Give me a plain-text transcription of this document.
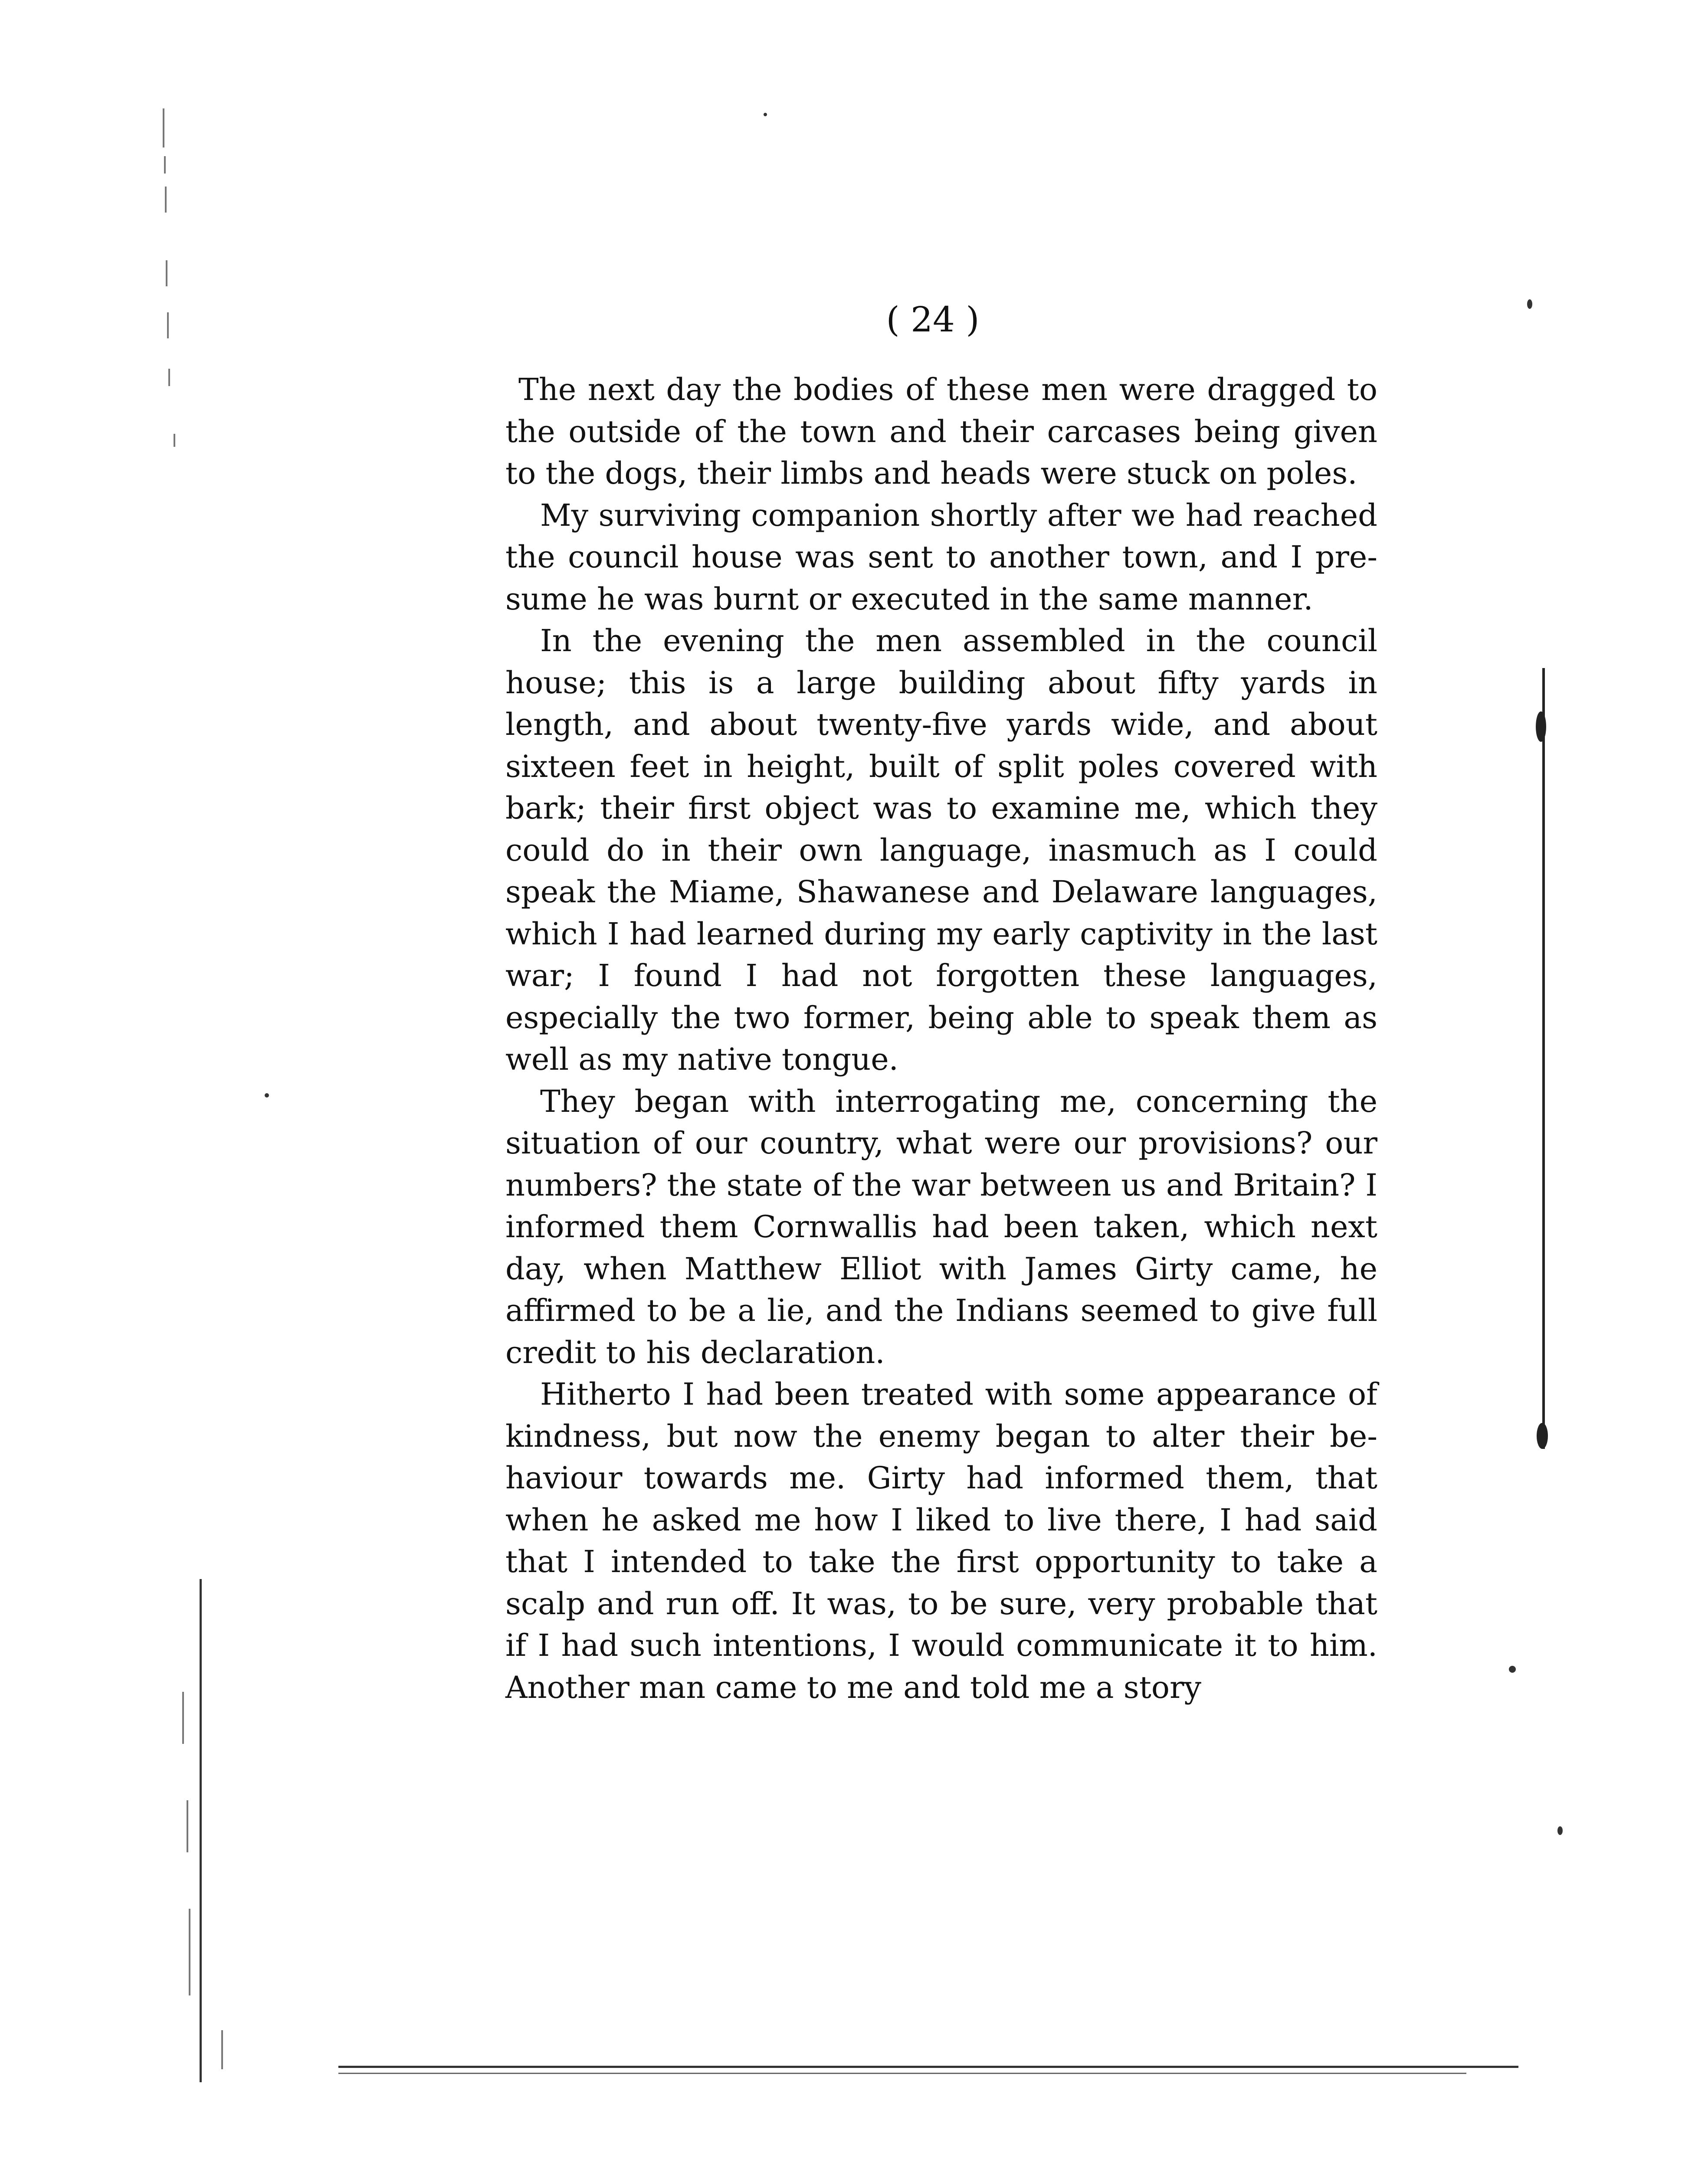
( 24 )

The next day the bodies of these men were dragged to the outside of the town and their carcases being given to the dogs, their limbs and heads were stuck on poles.

My surviving companion shortly after we had reached the council house was sent to another town, and I presume he was burnt or executed in the same manner.

In the evening the men assembled in the council house; this is a large building about fifty yards in length, and about twenty-five yards wide, and about sixteen feet in height, built of split poles covered with bark; their first object was to examine me, which they could do in their own language, inasmuch as I could speak the Miame, Shawanese and Delaware languages, which I had learned during my early captivity in the last war; I found I had not forgotten these languages, especially the two former, being able to speak them as well as my native tongue.

They began with interrogating me, concerning the situation of our country, what were our provisions? our numbers? the state of the war between us and Britain? I informed them Cornwallis had been taken, which next day, when Matthew Elliot with James Girty came, he affirmed to be a lie, and the Indians seemed to give full credit to his declaration.

Hitherto I had been treated with some appearance of kindness, but now the enemy began to alter their behaviour towards me. Girty had informed them, that when he asked me how I liked to live there, I had said that I intended to take the first opportunity to take a scalp and run off. It was, to be sure, very probable that if I had such intentions, I would communicate it to him. Another man came to me and told me a story
